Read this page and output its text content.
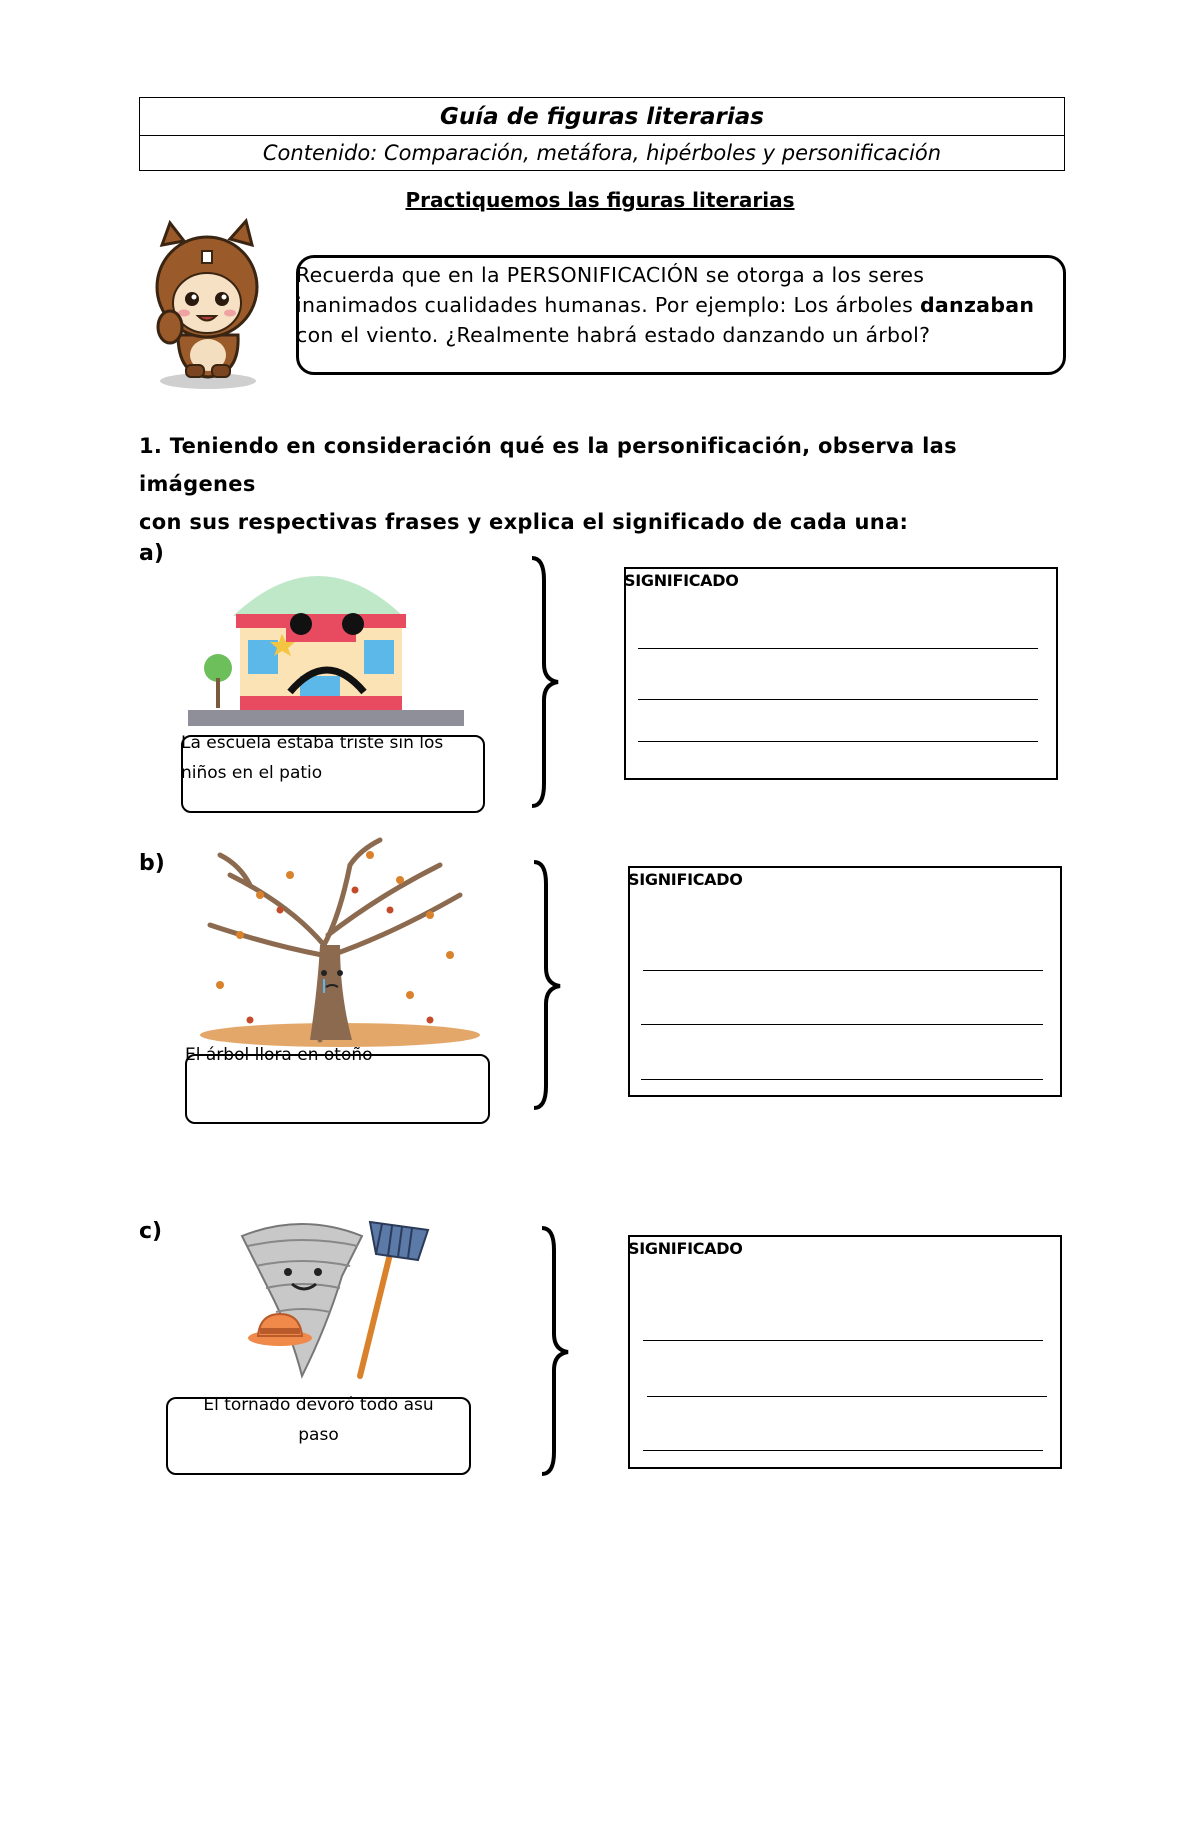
Guía de figuras literarias
Contenido: Comparación, metáfora, hipérboles y personificación
Practiquemos las figuras literarias
Recuerda que en la PERSONIFICACIÓN se otorga a los seres
inanimados cualidades humanas. Por ejemplo: Los árboles danzaban
con el viento. ¿Realmente habrá estado danzando un árbol?
1. Teniendo en consideración qué es la personificación, observa las imágenes
con sus respectivas frases y explica el significado de cada una:
a)
La escuela estaba triste sin los
niños en el patio
SIGNIFICADO
b)
El árbol llora en otoño
SIGNIFICADO
c)
El tornado devoró todo asu
paso
SIGNIFICADO
